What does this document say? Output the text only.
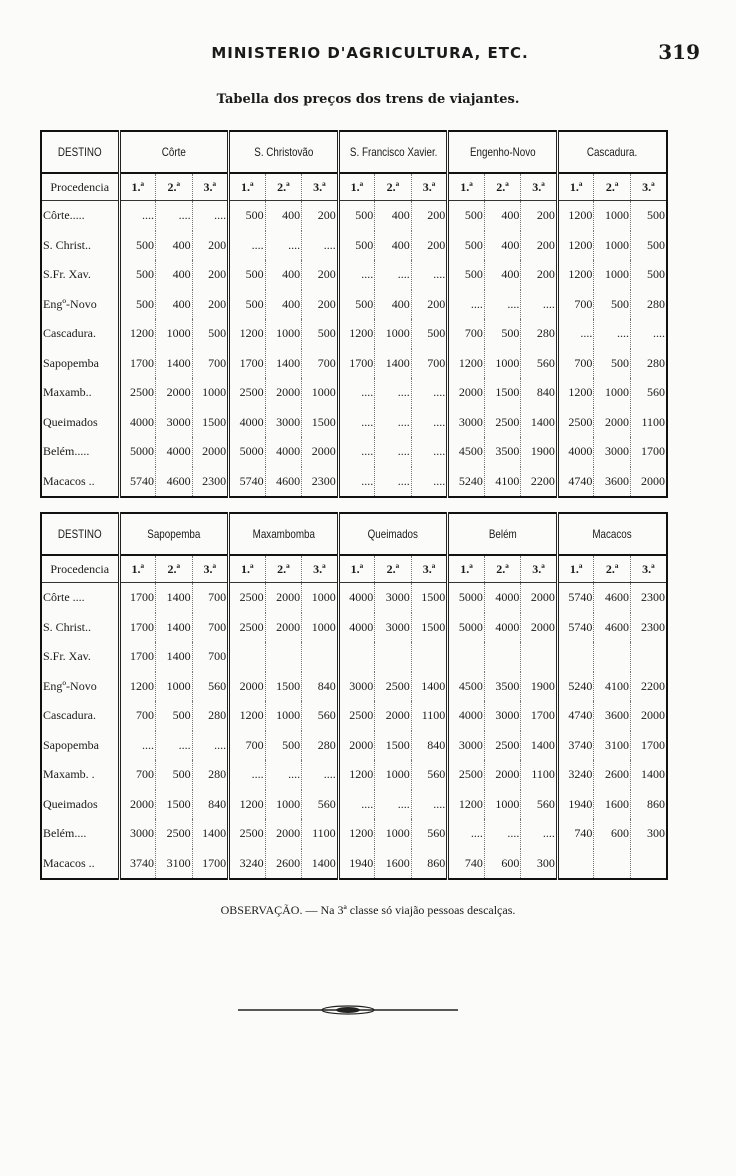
MINISTERIO D'AGRICULTURA, ETC.	319
Tabella dos preços dos trens de viajantes.
DESTINO	Côrte			S. Christovão			S. Francisco Xavier.			Engenho-Novo			Cascadura.		
Procedencia	1.ª	2.ª	3.ª	1.ª	2.ª	3.ª	1.ª	2.ª	3.ª	1.ª	2.ª	3.ª	1.ª	2.ª	3.ª
Côrte.....	....	....	....	500	400	200	500	400	200	500	400	200	1200	1000	500
S. Christ..	500	400	200	....	....	....	500	400	200	500	400	200	1200	1000	500
S.Fr. Xav.	500	400	200	500	400	200	....	....	....	500	400	200	1200	1000	500
Engº-Novo	500	400	200	500	400	200	500	400	200	....	....	....	700	500	280
Cascadura.	1200	1000	500	1200	1000	500	1200	1000	500	700	500	280	....	....	....
Sapopemba	1700	1400	700	1700	1400	700	1700	1400	700	1200	1000	560	700	500	280
Maxamb..	2500	2000	1000	2500	2000	1000	....	....	....	2000	1500	840	1200	1000	560
Queimados	4000	3000	1500	4000	3000	1500	....	....	....	3000	2500	1400	2500	2000	1100
Belém.....	5000	4000	2000	5000	4000	2000	....	....	....	4500	3500	1900	4000	3000	1700
Macacos ..	5740	4600	2300	5740	4600	2300	....	....	....	5240	4100	2200	4740	3600	2000
DESTINO	Sapopemba			Maxambomba			Queimados			Belém			Macacos		
Procedencia	1.ª	2.ª	3.ª	1.ª	2.ª	3.ª	1.ª	2.ª	3.ª	1.ª	2.ª	3.ª	1.ª	2.ª	3.ª
Côrte ....	1700	1400	700	2500	2000	1000	4000	3000	1500	5000	4000	2000	5740	4600	2300
S. Christ..	1700	1400	700	2500	2000	1000	4000	3000	1500	5000	4000	2000	5740	4600	2300
S.Fr. Xav.	1700	1400	700												
Engº-Novo	1200	1000	560	2000	1500	840	3000	2500	1400	4500	3500	1900	5240	4100	2200
Cascadura.	700	500	280	1200	1000	560	2500	2000	1100	4000	3000	1700	4740	3600	2000
Sapopemba	....	....	....	700	500	280	2000	1500	840	3000	2500	1400	3740	3100	1700
Maxamb. .	700	500	280	....	....	....	1200	1000	560	2500	2000	1100	3240	2600	1400
Queimados	2000	1500	840	1200	1000	560	....	....	....	1200	1000	560	1940	1600	860
Belém....	3000	2500	1400	2500	2000	1100	1200	1000	560	....	....	....	740	600	300
Macacos ..	3740	3100	1700	3240	2600	1400	1940	1600	860	740	600	300			
OBSERVAÇÃO. — Na 3ª classe só viajão pessoas descalças.
